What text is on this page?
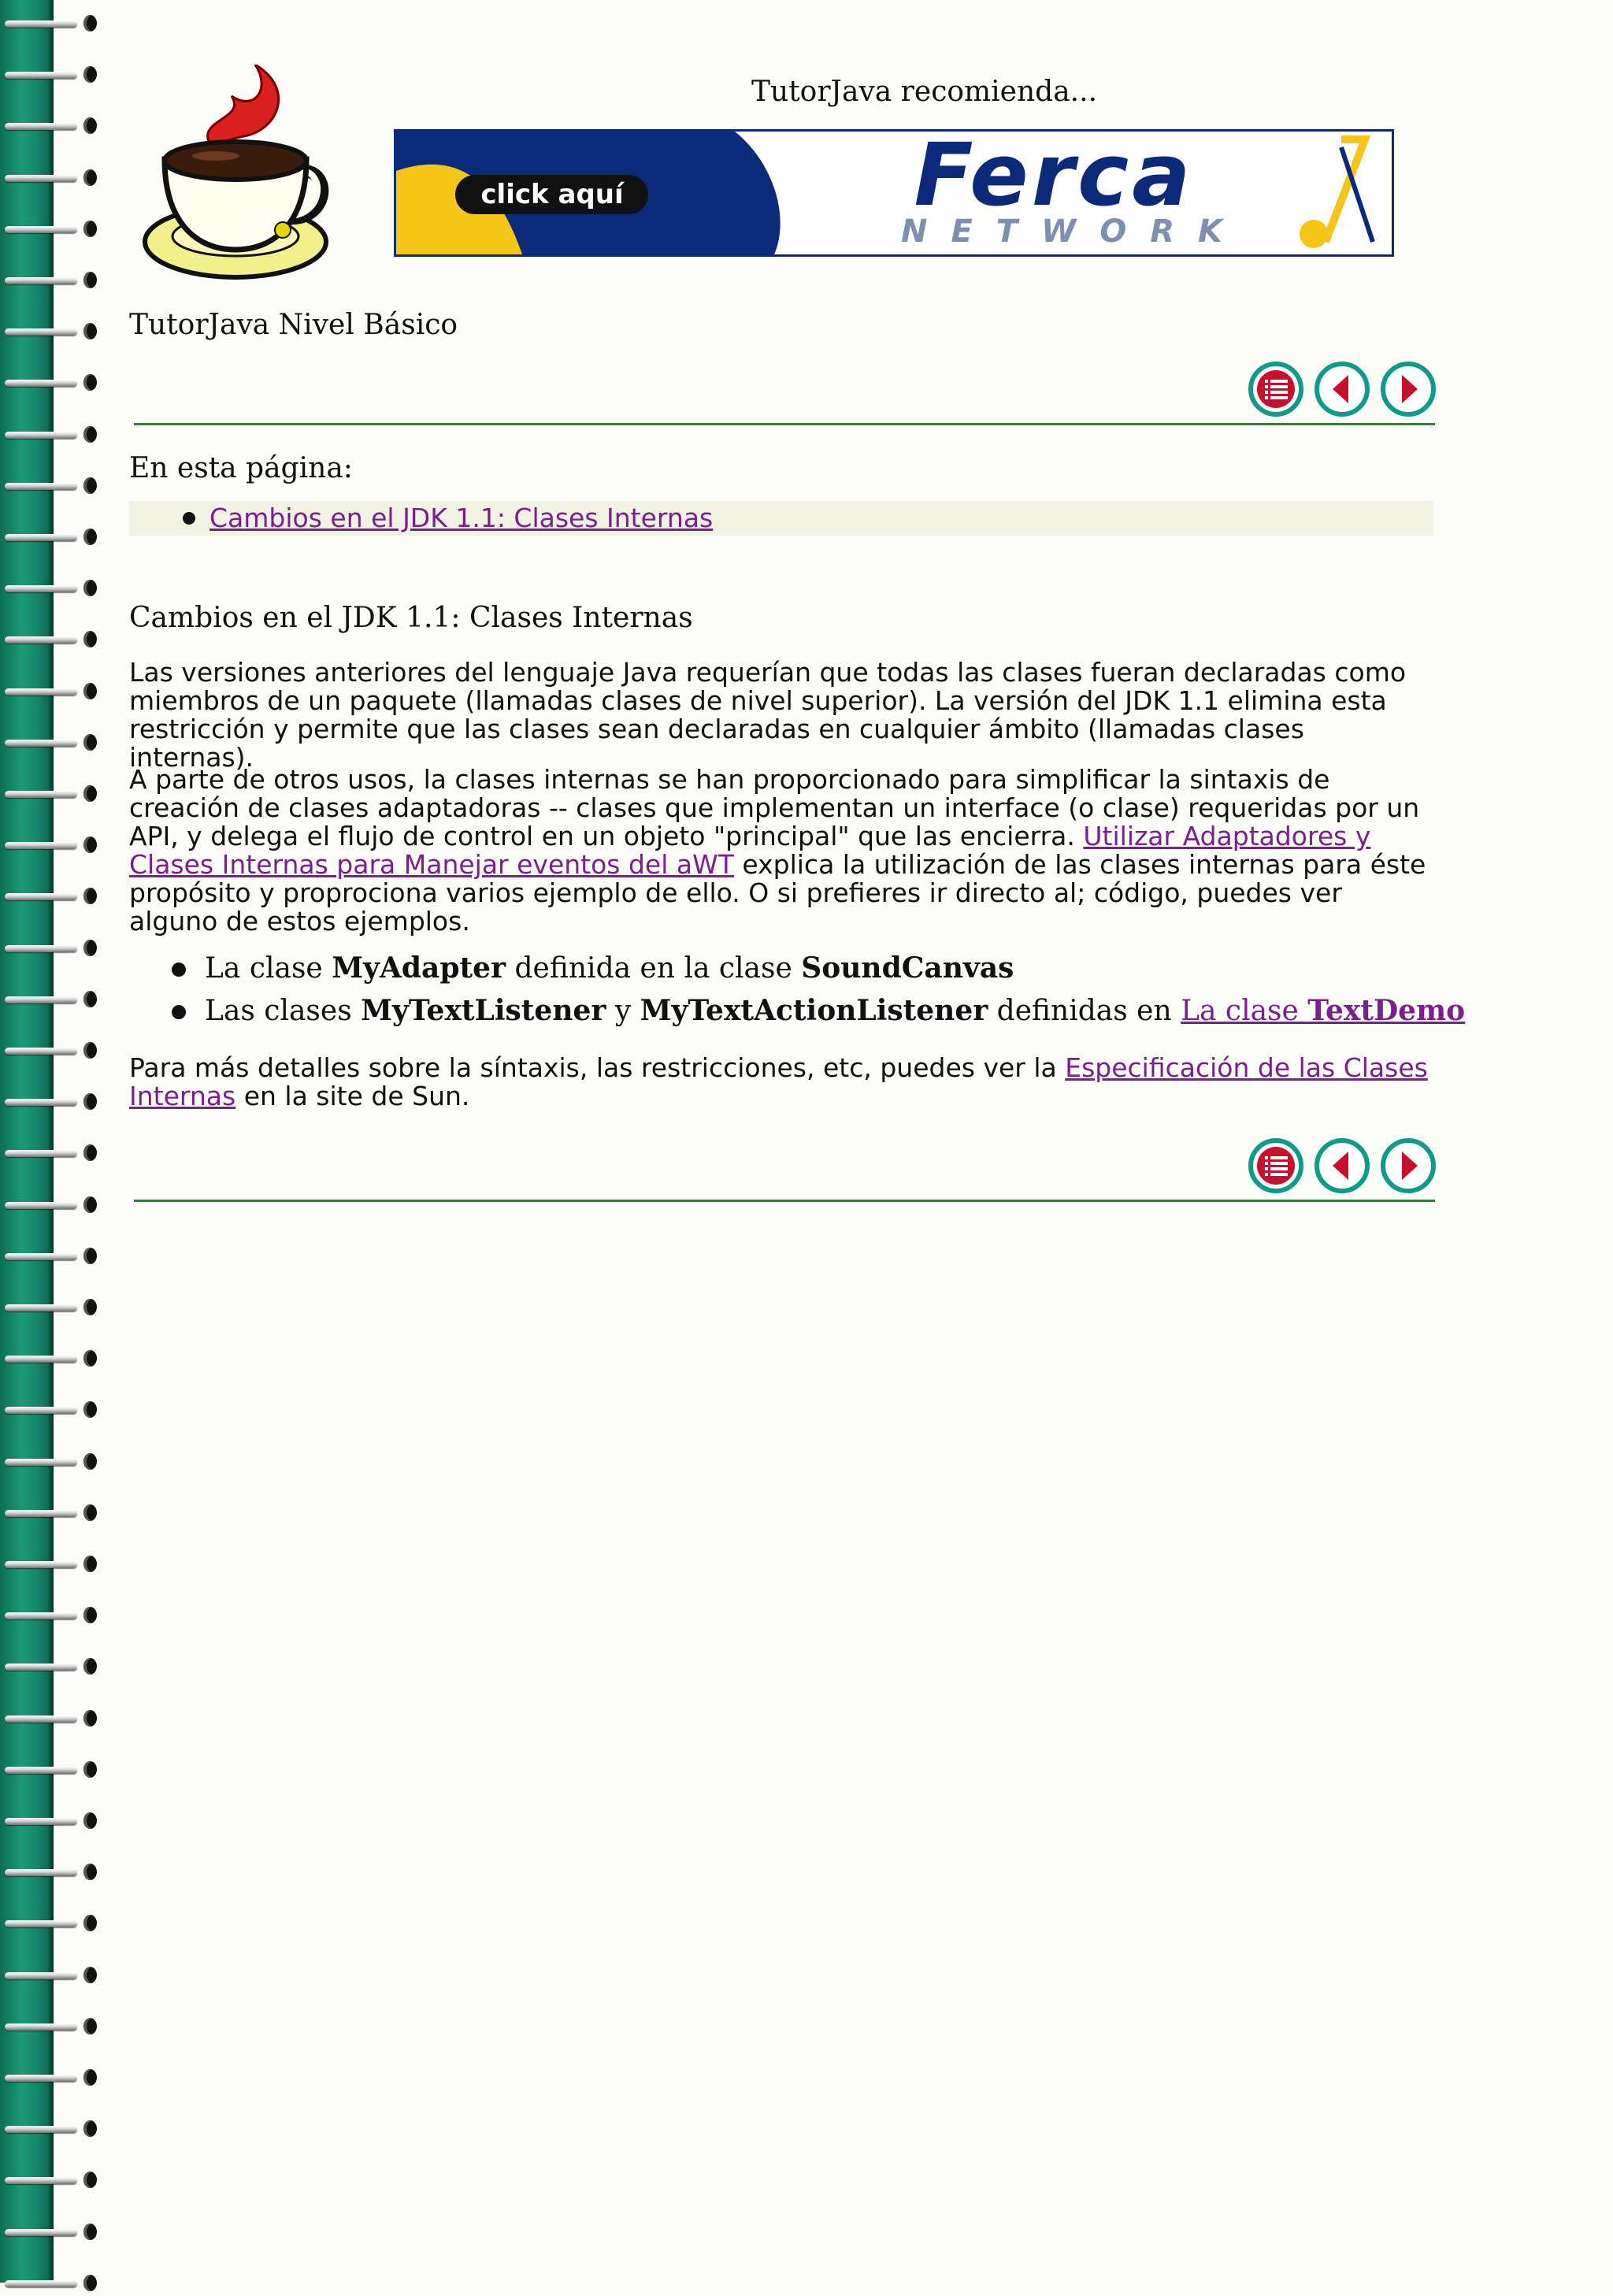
TutorJava recomienda...
click aquí	Ferca
NETWORK
TutorJava Nivel Básico
En esta página:
Cambios en el JDK 1.1: Clases Internas
Cambios en el JDK 1.1: Clases Internas
Las versiones anteriores del lenguaje Java requerían que todas las clases fueran declaradas como miembros de un paquete (llamadas clases de nivel superior). La versión del JDK 1.1 elimina esta restricción y permite que las clases sean declaradas en cualquier ámbito (llamadas clases internas).
A parte de otros usos, la clases internas se han proporcionado para simplificar la sintaxis de creación de clases adaptadoras -- clases que implementan un interface (o clase) requeridas por un API, y delega el flujo de control en un objeto "principal" que las encierra. Utilizar Adaptadores y Clases Internas para Manejar eventos del aWT explica la utilización de las clases internas para éste propósito y proprociona varios ejemplo de ello. O si prefieres ir directo al; código, puedes ver alguno de estos ejemplos.
La clase MyAdapter definida en la clase SoundCanvas
Las clases MyTextListener y MyTextActionListener definidas en La clase TextDemo
Para más detalles sobre la síntaxis, las restricciones, etc, puedes ver la Especificación de las Clases Internas en la site de Sun.
